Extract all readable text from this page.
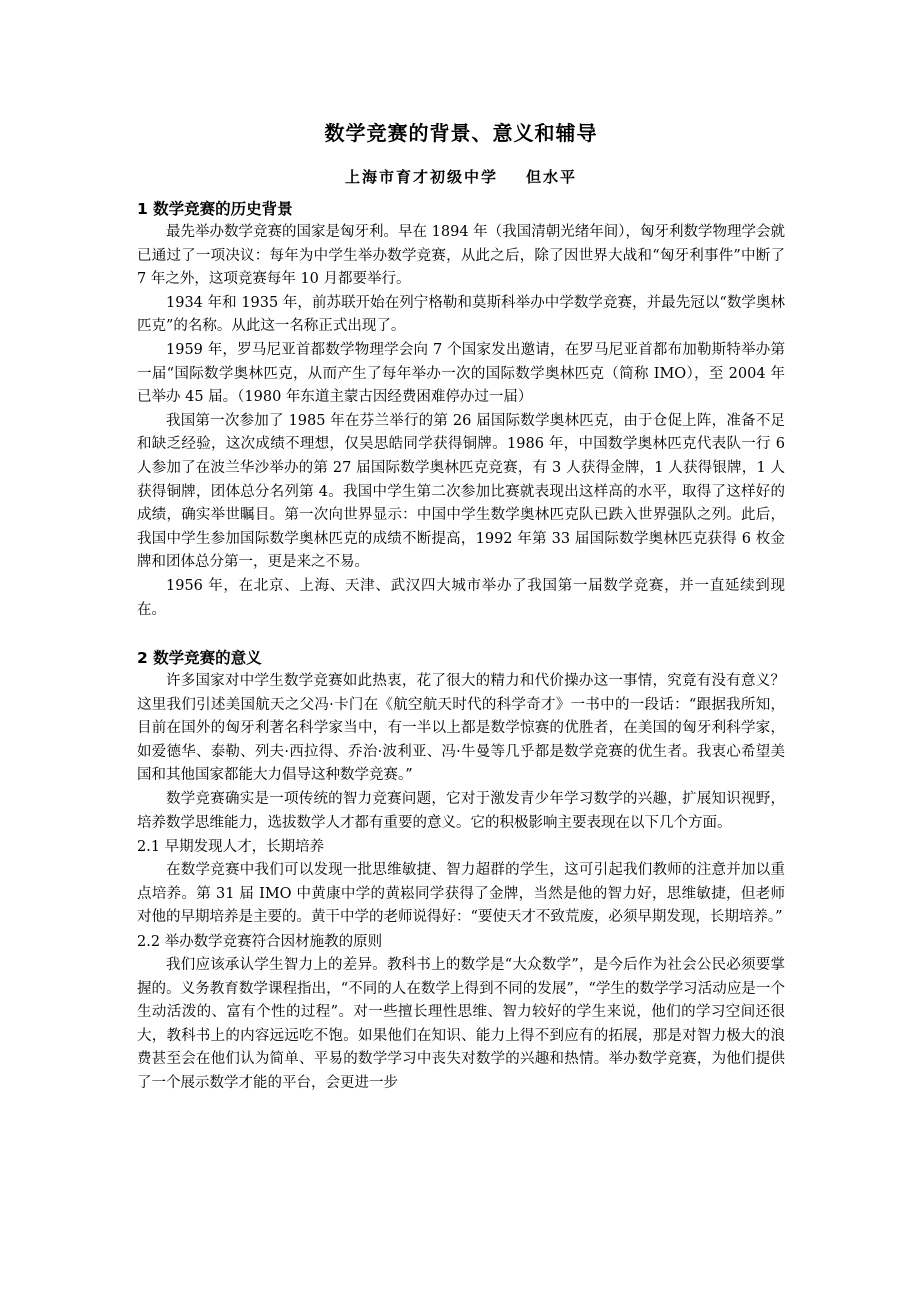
数学竞赛的背景、意义和辅导
上海市育才初级中学 但水平
1 数学竞赛的历史背景

最先举办数学竞赛的国家是匈牙利。早在 1894 年（我国清朝光绪年间），匈牙利数学物理学会就已通过了一项决议：每年为中学生举办数学竞赛，从此之后，除了因世界大战和“匈牙利事件”中断了 7 年之外，这项竞赛每年 10 月都要举行。

1934 年和 1935 年，前苏联开始在列宁格勒和莫斯科举办中学数学竞赛，并最先冠以“数学奥林匹克”的名称。从此这一名称正式出现了。

1959 年，罗马尼亚首都数学物理学会向 7 个国家发出邀请，在罗马尼亚首都布加勒斯特举办第一届“国际数学奥林匹克，从而产生了每年举办一次的国际数学奥林匹克（简称 IMO），至 2004 年已举办 45 届。（1980 年东道主蒙古因经费困难停办过一届）

我国第一次参加了 1985 年在芬兰举行的第 26 届国际数学奥林匹克，由于仓促上阵，准备不足和缺乏经验，这次成绩不理想，仅吴思皓同学获得铜牌。1986 年，中国数学奥林匹克代表队一行 6 人参加了在波兰华沙举办的第 27 届国际数学奥林匹克竞赛，有 3 人获得金牌，1 人获得银牌，1 人获得铜牌，团体总分名列第 4。我国中学生第二次参加比赛就表现出这样高的水平，取得了这样好的成绩，确实举世瞩目。第一次向世界显示：中国中学生数学奥林匹克队已跌入世界强队之列。此后，我国中学生参加国际数学奥林匹克的成绩不断提高，1992 年第 33 届国际数学奥林匹克获得 6 枚金牌和团体总分第一，更是来之不易。

1956 年，在北京、上海、天津、武汉四大城市举办了我国第一届数学竞赛，并一直延续到现在。

2 数学竞赛的意义

许多国家对中学生数学竞赛如此热衷，花了很大的精力和代价操办这一事情，究竟有没有意义？这里我们引述美国航天之父冯·卡门在《航空航天时代的科学奇才》一书中的一段话：“跟据我所知，目前在国外的匈牙利著名科学家当中，有一半以上都是数学惊赛的优胜者，在美国的匈牙利科学家，如爱德华、泰勒、列夫·西拉得、乔治·波利亚、冯·牛曼等几乎都是数学竞赛的优生者。我衷心希望美国和其他国家都能大力倡导这种数学竞赛。”

数学竞赛确实是一项传统的智力竞赛问题，它对于激发青少年学习数学的兴趣，扩展知识视野，培养数学思维能力，选拔数学人才都有重要的意义。它的积极影响主要表现在以下几个方面。

2.1 早期发现人才，长期培养

在数学竞赛中我们可以发现一批思维敏捷、智力超群的学生，这可引起我们教师的注意并加以重点培养。第 31 届 IMO 中黄康中学的黄崧同学获得了金牌，当然是他的智力好，思维敏捷，但老师对他的早期培养是主要的。黄干中学的老师说得好：“要使天才不致荒废，必须早期发现，长期培养。”

2.2 举办数学竞赛符合因材施教的原则

我们应该承认学生智力上的差异。教科书上的数学是“大众数学”，是今后作为社会公民必须要掌握的。义务教育数学课程指出，“不同的人在数学上得到不同的发展”，“学生的数学学习活动应是一个生动活泼的、富有个性的过程”。对一些擅长理性思维、智力较好的学生来说，他们的学习空间还很大，教科书上的内容远远吃不饱。如果他们在知识、能力上得不到应有的拓展，那是对智力极大的浪费甚至会在他们认为简单、平易的数学学习中丧失对数学的兴趣和热情。举办数学竞赛，为他们提供了一个展示数学才能的平台，会更进一步
